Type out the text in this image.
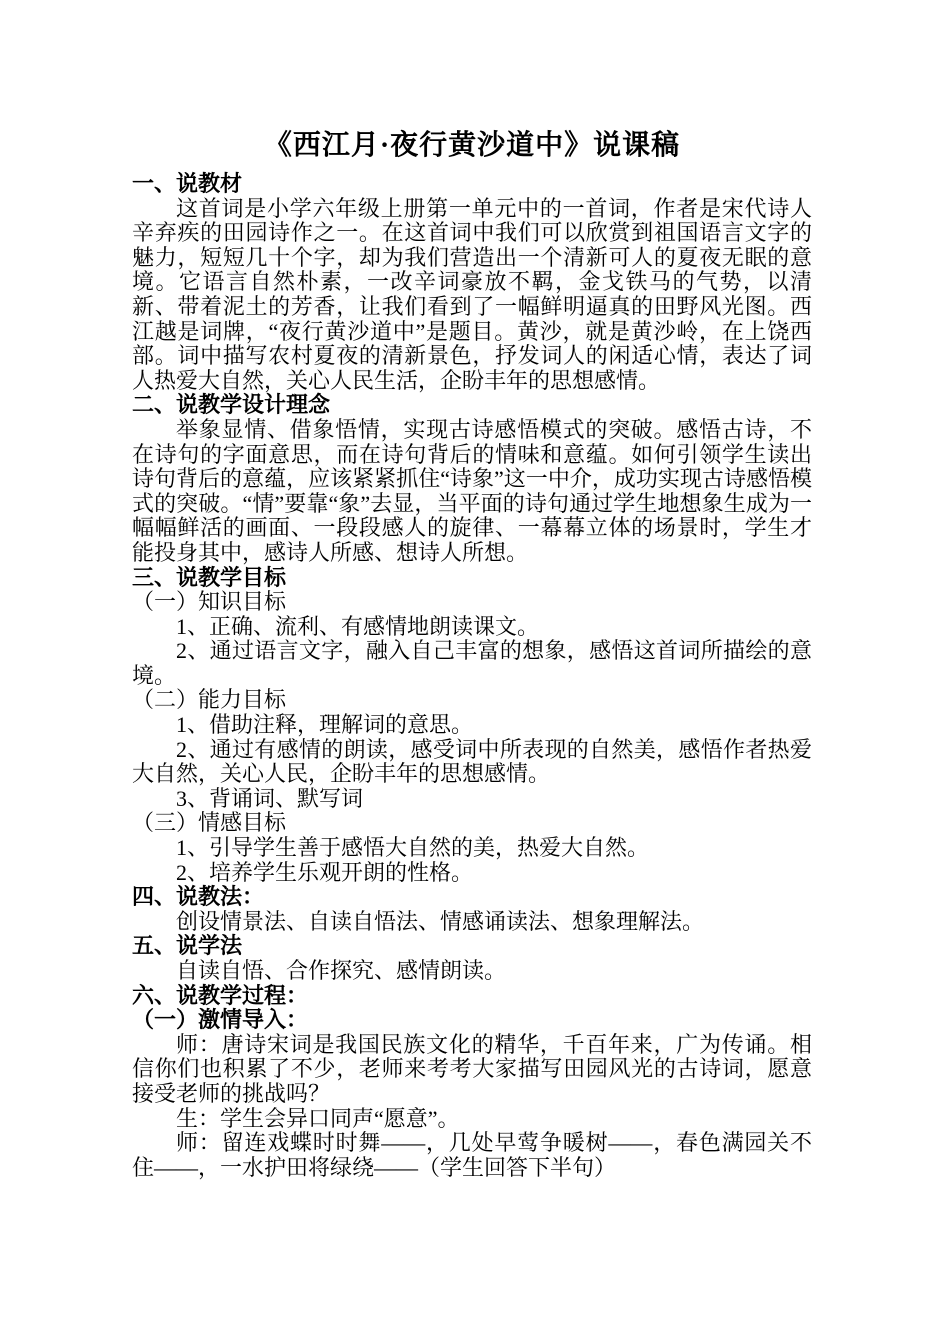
《西江月·夜行黄沙道中》说课稿

一、说教材

这首词是小学六年级上册第一单元中的一首词，作者是宋代诗人辛弃疾的田园诗作之一。在这首词中我们可以欣赏到祖国语言文字的魅力，短短几十个字，却为我们营造出一个清新可人的夏夜无眠的意境。它语言自然朴素，一改辛词豪放不羁，金戈铁马的气势，以清新、带着泥土的芳香，让我们看到了一幅鲜明逼真的田野风光图。西江越是词牌，“夜行黄沙道中”是题目。黄沙，就是黄沙岭，在上饶西部。词中描写农村夏夜的清新景色，抒发词人的闲适心情，表达了词人热爱大自然，关心人民生活，企盼丰年的思想感情。

二、说教学设计理念

举象显情、借象悟情，实现古诗感悟模式的突破。感悟古诗，不在诗句的字面意思，而在诗句背后的情味和意蕴。如何引领学生读出诗句背后的意蕴，应该紧紧抓住“诗象”这一中介，成功实现古诗感悟模式的突破。“情”要靠“象”去显，当平面的诗句通过学生地想象生成为一幅幅鲜活的画面、一段段感人的旋律、一幕幕立体的场景时，学生才能投身其中，感诗人所感、想诗人所想。

三、说教学目标

（一）知识目标

1、正确、流利、有感情地朗读课文。

2、通过语言文字，融入自己丰富的想象，感悟这首词所描绘的意境。

（二）能力目标

1、借助注释，理解词的意思。

2、通过有感情的朗读，感受词中所表现的自然美，感悟作者热爱大自然，关心人民，企盼丰年的思想感情。

3、背诵词、默写词

（三）情感目标

1、引导学生善于感悟大自然的美，热爱大自然。

2、培养学生乐观开朗的性格。

四、说教法：

创设情景法、自读自悟法、情感诵读法、想象理解法。

五、说学法

自读自悟、合作探究、感情朗读。

六、说教学过程：

（一）激情导入：

师：唐诗宋词是我国民族文化的精华，千百年来，广为传诵。相信你们也积累了不少，老师来考考大家描写田园风光的古诗词，愿意接受老师的挑战吗？

生：学生会异口同声“愿意”。

师：留连戏蝶时时舞——，几处早莺争暖树——，春色满园关不住——，一水护田将绿绕——（学生回答下半句）
